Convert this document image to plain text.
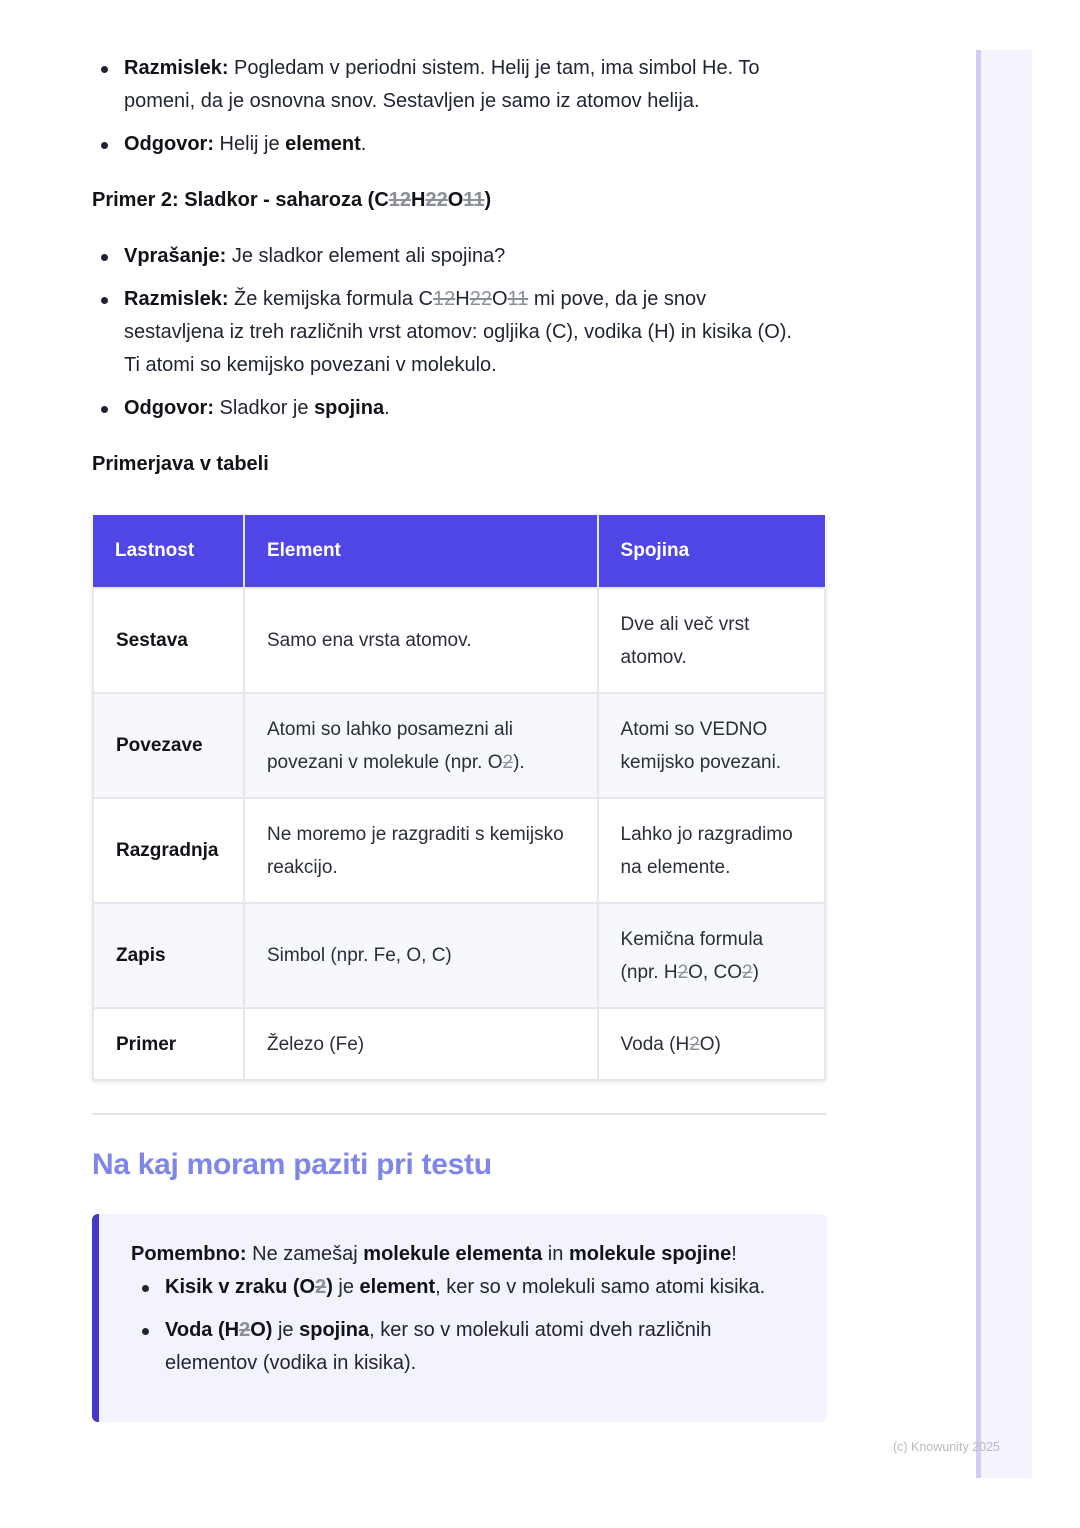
Razmislek: Pogledam v periodni sistem. Helij je tam, ima simbol He. To
pomeni, da je osnovna snov. Sestavljen je samo iz atomov helija.
Odgovor: Helij je element.
Primer 2: Sladkor - saharoza (C12H22O11)
Vprašanje: Je sladkor element ali spojina?
Razmislek: Že kemijska formula C12H22O11 mi pove, da je snov
sestavljena iz treh različnih vrst atomov: ogljika (C), vodika (H) in kisika (O).
Ti atomi so kemijsko povezani v molekulo.
Odgovor: Sladkor je spojina.
Primerjava v tabeli
Lastnost	Element	Spojina
Sestava	Samo ena vrsta atomov.	Dve ali več vrst
atomov.
Povezave	Atomi so lahko posamezni ali
povezani v molekule (npr. O2).	Atomi so VEDNO
kemijsko povezani.
Razgradnja	Ne moremo je razgraditi s kemijsko
reakcijo.	Lahko jo razgradimo
na elemente.
Zapis	Simbol (npr. Fe, O, C)	Kemična formula
(npr. H2O, CO2)
Primer	Železo (Fe)	Voda (H2O)
Na kaj moram paziti pri testu
Pomembno: Ne zamešaj molekule elementa in molekule spojine!
Kisik v zraku (O2) je element, ker so v molekuli samo atomi kisika.
Voda (H2O) je spojina, ker so v molekuli atomi dveh različnih
elementov (vodika in kisika).
(c) Knowunity 2025
